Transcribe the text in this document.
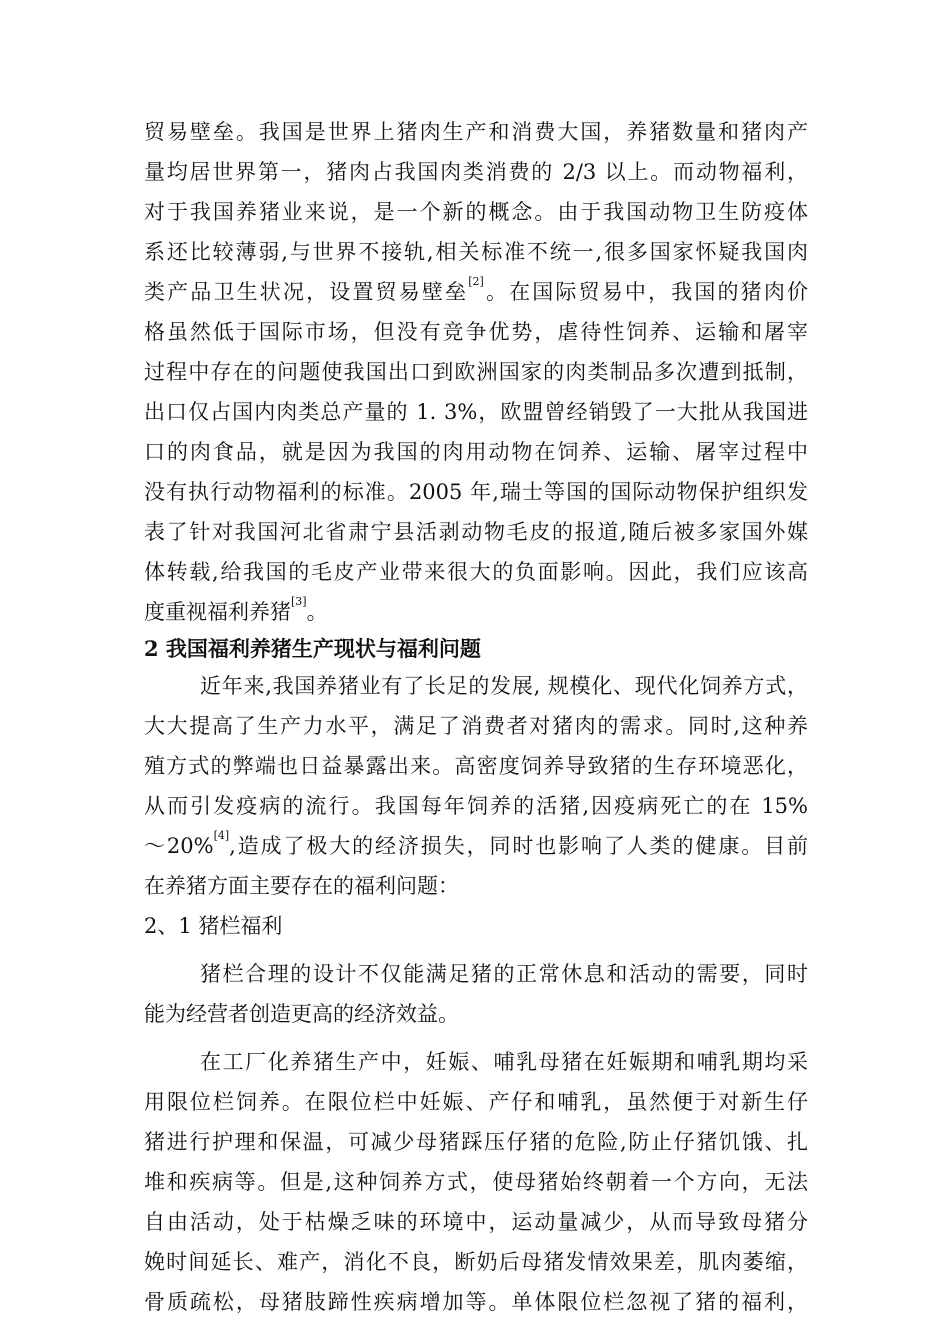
贸易壁垒。我国是世界上猪肉生产和消费大国，养猪数量和猪肉产
量均居世界第一，猪肉占我国肉类消费的 2/3 以上。而动物福利，
对于我国养猪业来说，是一个新的概念。由于我国动物卫生防疫体
系还比较薄弱,与世界不接轨,相关标准不统一,很多国家怀疑我国肉
类产品卫生状况，设置贸易壁垒[2]。在国际贸易中，我国的猪肉价
格虽然低于国际市场，但没有竞争优势，虐待性饲养、运输和屠宰
过程中存在的问题使我国出口到欧洲国家的肉类制品多次遭到抵制，
出口仅占国内肉类总产量的 1. 3%，欧盟曾经销毁了一大批从我国进
口的肉食品，就是因为我国的肉用动物在饲养、运输、屠宰过程中
没有执行动物福利的标准。2005 年,瑞士等国的国际动物保护组织发
表了针对我国河北省肃宁县活剥动物毛皮的报道,随后被多家国外媒
体转载,给我国的毛皮产业带来很大的负面影响。因此，我们应该高
度重视福利养猪[3]。
2 我国福利养猪生产现状与福利问题
近年来,我国养猪业有了长足的发展, 规模化、现代化饲养方式，
大大提高了生产力水平，满足了消费者对猪肉的需求。同时,这种养
殖方式的弊端也日益暴露出来。高密度饲养导致猪的生存环境恶化，
从而引发疫病的流行。我国每年饲养的活猪,因疫病死亡的在 15%
～20%[4],造成了极大的经济损失，同时也影响了人类的健康。目前
在养猪方面主要存在的福利问题：
2、1 猪栏福利
猪栏合理的设计不仅能满足猪的正常休息和活动的需要，同时
能为经营者创造更高的经济效益。
在工厂化养猪生产中，妊娠、哺乳母猪在妊娠期和哺乳期均采
用限位栏饲养。在限位栏中妊娠、产仔和哺乳，虽然便于对新生仔
猪进行护理和保温，可减少母猪踩压仔猪的危险,防止仔猪饥饿、扎
堆和疾病等。但是,这种饲养方式，使母猪始终朝着一个方向，无法
自由活动，处于枯燥乏味的环境中，运动量减少，从而导致母猪分
娩时间延长、难产，消化不良，断奶后母猪发情效果差，肌肉萎缩，
骨质疏松，母猪肢蹄性疾病增加等。单体限位栏忽视了猪的福利，
